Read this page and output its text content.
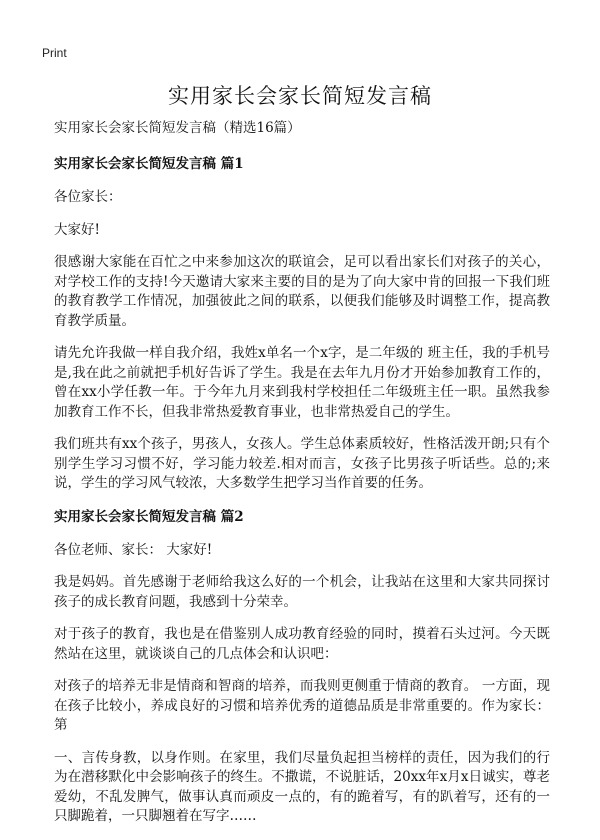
Print
实用家长会家长简短发言稿

实用家长会家长简短发言稿（精选16篇）

实用家长会家长简短发言稿 篇1

各位家长：

大家好!

很感谢大家能在百忙之中来参加这次的联谊会，足可以看出家长们对孩子的关心，对学校工作的支持!今天邀请大家来主要的目的是为了向大家中肯的回报一下我们班的教育教学工作情况，加强彼此之间的联系，以便我们能够及时调整工作，提高教育教学质量。

请先允许我做一样自我介绍，我姓x单名一个x字，是二年级的 班主任，我的手机号是,我在此之前就把手机好告诉了学生。我是在去年九月份才开始参加教育工作的，曾在xx小学任教一年。于今年九月来到我村学校担任二年级班主任一职。虽然我参加教育工作不长，但我非常热爱教育事业，也非常热爱自己的学生。

我们班共有xx个孩子，男孩人，女孩人。学生总体素质较好，性格活泼开朗;只有个别学生学习习惯不好，学习能力较差.相对而言，女孩子比男孩子听话些。总的;来说，学生的学习风气较浓，大多数学生把学习当作首要的任务。

实用家长会家长简短发言稿 篇2

各位老师、家长： 大家好!

我是妈妈。首先感谢于老师给我这么好的一个机会，让我站在这里和大家共同探讨孩子的成长教育问题，我感到十分荣幸。

对于孩子的教育，我也是在借鉴别人成功教育经验的同时，摸着石头过河。今天既然站在这里，就谈谈自己的几点体会和认识吧：

对孩子的培养无非是情商和智商的培养，而我则更侧重于情商的教育。 一方面，现在孩子比较小，养成良好的习惯和培养优秀的道德品质是非常重要的。作为家长：第

一、言传身教，以身作则。在家里，我们尽量负起担当榜样的责任，因为我们的行为在潜移默化中会影响孩子的终生。不撒谎，不说脏话，20xx年x月x日诚实，尊老爱幼，不乱发脾气，做事认真而顽皮一点的，有的跪着写，有的趴着写，还有的一只脚跪着，一只脚翘着在写字……
